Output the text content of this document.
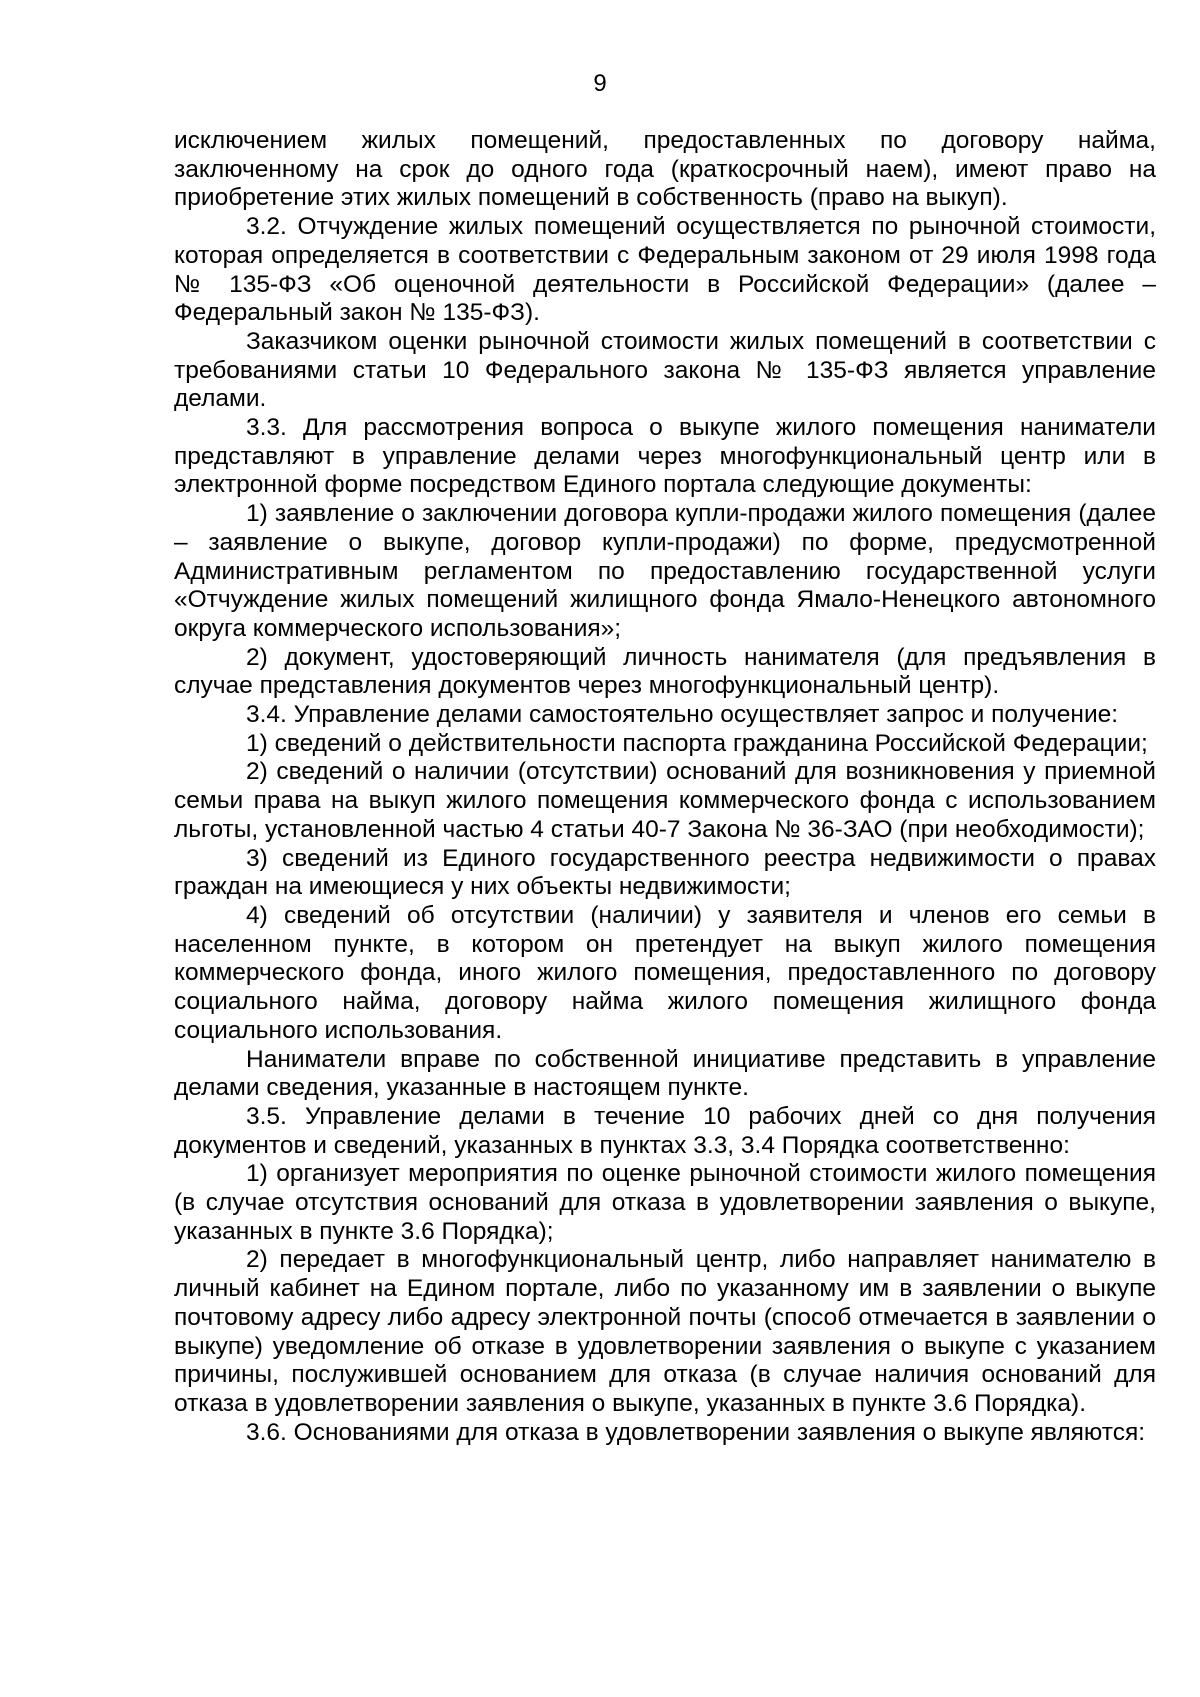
9

исключением жилых помещений, предоставленных по договору найма, заключенному на срок до одного года (краткосрочный наем), имеют право на приобретение этих жилых помещений в собственность (право на выкуп).

3.2. Отчуждение жилых помещений осуществляется по рыночной стоимости, которая определяется в соответствии с Федеральным законом от 29 июля 1998 года № 135-ФЗ «Об оценочной деятельности в Российской Федерации» (далее – Федеральный закон № 135-ФЗ).

Заказчиком оценки рыночной стоимости жилых помещений в соответствии с требованиями статьи 10 Федерального закона № 135-ФЗ является управление делами.

3.3. Для рассмотрения вопроса о выкупе жилого помещения наниматели представляют в управление делами через многофункциональный центр или в электронной форме посредством Единого портала следующие документы:

1) заявление о заключении договора купли-продажи жилого помещения (далее – заявление о выкупе, договор купли-продажи) по форме, предусмотренной Административным регламентом по предоставлению государственной услуги «Отчуждение жилых помещений жилищного фонда Ямало-Ненецкого автономного округа коммерческого использования»;

2) документ, удостоверяющий личность нанимателя (для предъявления в случае представления документов через многофункциональный центр).

3.4. Управление делами самостоятельно осуществляет запрос и получение:

1) сведений о действительности паспорта гражданина Российской Федерации;

2) сведений о наличии (отсутствии) оснований для возникновения у приемной семьи права на выкуп жилого помещения коммерческого фонда с использованием льготы, установленной частью 4 статьи 40-7 Закона № 36-ЗАО (при необходимости);

3) сведений из Единого государственного реестра недвижимости о правах граждан на имеющиеся у них объекты недвижимости;

4) сведений об отсутствии (наличии) у заявителя и членов его семьи в населенном пункте, в котором он претендует на выкуп жилого помещения коммерческого фонда, иного жилого помещения, предоставленного по договору социального найма, договору найма жилого помещения жилищного фонда социального использования.

Наниматели вправе по собственной инициативе представить в управление делами сведения, указанные в настоящем пункте.

3.5. Управление делами в течение 10 рабочих дней со дня получения документов и сведений, указанных в пунктах 3.3, 3.4 Порядка соответственно:

1) организует мероприятия по оценке рыночной стоимости жилого помещения (в случае отсутствия оснований для отказа в удовлетворении заявления о выкупе, указанных в пункте 3.6 Порядка);

2) передает в многофункциональный центр, либо направляет нанимателю в личный кабинет на Едином портале, либо по указанному им в заявлении о выкупе почтовому адресу либо адресу электронной почты (способ отмечается в заявлении о выкупе) уведомление об отказе в удовлетворении заявления о выкупе с указанием причины, послужившей основанием для отказа (в случае наличия оснований для отказа в удовлетворении заявления о выкупе, указанных в пункте 3.6 Порядка).

3.6. Основаниями для отказа в удовлетворении заявления о выкупе являются:
